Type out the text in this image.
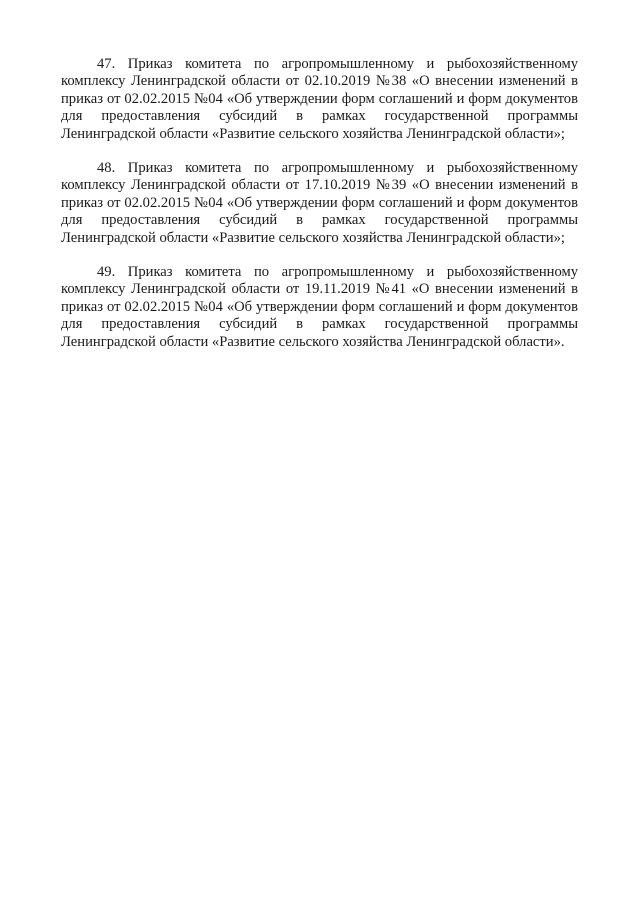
47. Приказ комитета по агропромышленному и рыбохозяйственному комплексу Ленинградской области от 02.10.2019 №38 «О внесении изменений в приказ от 02.02.2015 №04 «Об утверждении форм соглашений и форм документов для предоставления субсидий в рамках государственной программы Ленинградской области «Развитие сельского хозяйства Ленинградской области»;

48. Приказ комитета по агропромышленному и рыбохозяйственному комплексу Ленинградской области от 17.10.2019 №39 «О внесении изменений в приказ от 02.02.2015 №04 «Об утверждении форм соглашений и форм документов для предоставления субсидий в рамках государственной программы Ленинградской области «Развитие сельского хозяйства Ленинградской области»;

49. Приказ комитета по агропромышленному и рыбохозяйственному комплексу Ленинградской области от 19.11.2019 №41 «О внесении изменений в приказ от 02.02.2015 №04 «Об утверждении форм соглашений и форм документов для предоставления субсидий в рамках государственной программы Ленинградской области «Развитие сельского хозяйства Ленинградской области».
